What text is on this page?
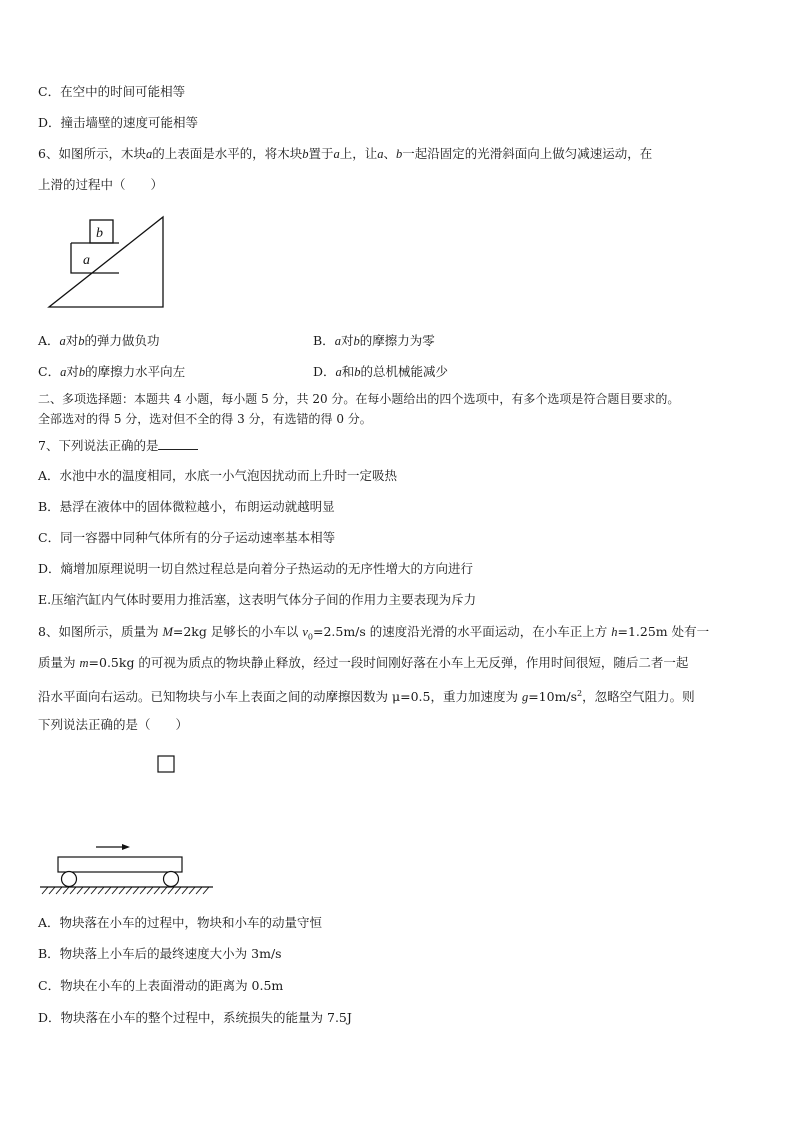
C．在空中的时间可能相等
D．撞击墙壁的速度可能相等
6、如图所示，木块a的上表面是水平的，将木块b置于a上，让a、b一起沿固定的光滑斜面向上做匀减速运动，在
上滑的过程中（　　）
a
b
A．a对b的弹力做负功	B．a对b的摩擦力为零
C．a对b的摩擦力水平向左	D．a和b的总机械能减少
二、多项选择题：本题共 4 小题，每小题 5 分，共 20 分。在每小题给出的四个选项中，有多个选项是符合题目要求的。
全部选对的得 5 分，选对但不全的得 3 分，有选错的得 0 分。
7、下列说法正确的是
A．水池中水的温度相同，水底一小气泡因扰动而上升时一定吸热
B．悬浮在液体中的固体微粒越小，布朗运动就越明显
C．同一容器中同种气体所有的分子运动速率基本相等
D．熵增加原理说明一切自然过程总是向着分子热运动的无序性增大的方向进行
E.压缩汽缸内气体时要用力推活塞，这表明气体分子间的作用力主要表现为斥力
8、如图所示，质量为 M=2kg 足够长的小车以 $v_0=2.5m/s$ 的速度沿光滑的水平面运动，在小车正上方 h=1.25m 处有一
质量为 m=0.5kg 的可视为质点的物块静止释放，经过一段时间刚好落在小车上无反弹，作用时间很短，随后二者一起
沿水平面向右运动。已知物块与小车上表面之间的动摩擦因数为 μ=0.5，重力加速度为 $g=10m/s^2$，忽略空气阻力。则
下列说法正确的是（　　）
A．物块落在小车的过程中，物块和小车的动量守恒
B．物块落上小车后的最终速度大小为 3m/s
C．物块在小车的上表面滑动的距离为 0.5m
D．物块落在小车的整个过程中，系统损失的能量为 7.5J
